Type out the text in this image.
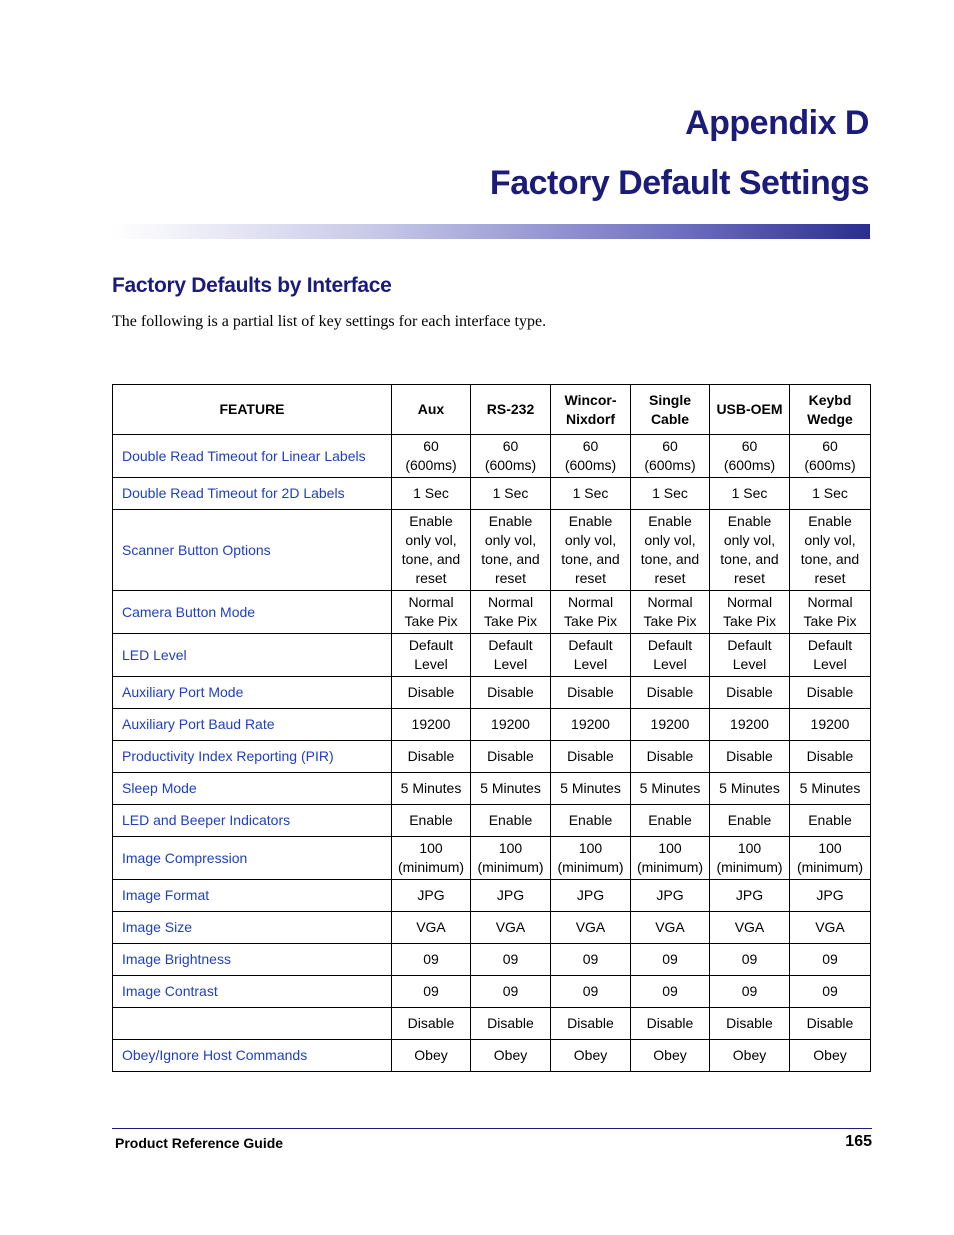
Appendix D
Factory Default Settings
Factory Defaults by Interface

The following is a partial list of key settings for each interface type.

FEATURE	Aux	RS-232	Wincor-
Nixdorf	Single
Cable	USB-OEM	Keybd
Wedge
Double Read Timeout for Linear Labels	60
(600ms)	60
(600ms)	60
(600ms)	60
(600ms)	60
(600ms)	60
(600ms)
Double Read Timeout for 2D Labels	1 Sec	1 Sec	1 Sec	1 Sec	1 Sec	1 Sec
Scanner Button Options	Enable
only vol,
tone, and
reset	Enable
only vol,
tone, and
reset	Enable
only vol,
tone, and
reset	Enable
only vol,
tone, and
reset	Enable
only vol,
tone, and
reset	Enable
only vol,
tone, and
reset
Camera Button Mode	Normal
Take Pix	Normal
Take Pix	Normal
Take Pix	Normal
Take Pix	Normal
Take Pix	Normal
Take Pix
LED Level	Default
Level	Default
Level	Default
Level	Default
Level	Default
Level	Default
Level
Auxiliary Port Mode	Disable	Disable	Disable	Disable	Disable	Disable
Auxiliary Port Baud Rate	19200	19200	19200	19200	19200	19200
Productivity Index Reporting (PIR)	Disable	Disable	Disable	Disable	Disable	Disable
Sleep Mode	5 Minutes	5 Minutes	5 Minutes	5 Minutes	5 Minutes	5 Minutes
LED and Beeper Indicators	Enable	Enable	Enable	Enable	Enable	Enable
Image Compression	100
(minimum)	100
(minimum)	100
(minimum)	100
(minimum)	100
(minimum)	100
(minimum)
Image Format	JPG	JPG	JPG	JPG	JPG	JPG
Image Size	VGA	VGA	VGA	VGA	VGA	VGA
Image Brightness	09	09	09	09	09	09
Image Contrast	09	09	09	09	09	09
	Disable	Disable	Disable	Disable	Disable	Disable
Obey/Ignore Host Commands	Obey	Obey	Obey	Obey	Obey	Obey
Product Reference Guide	165
